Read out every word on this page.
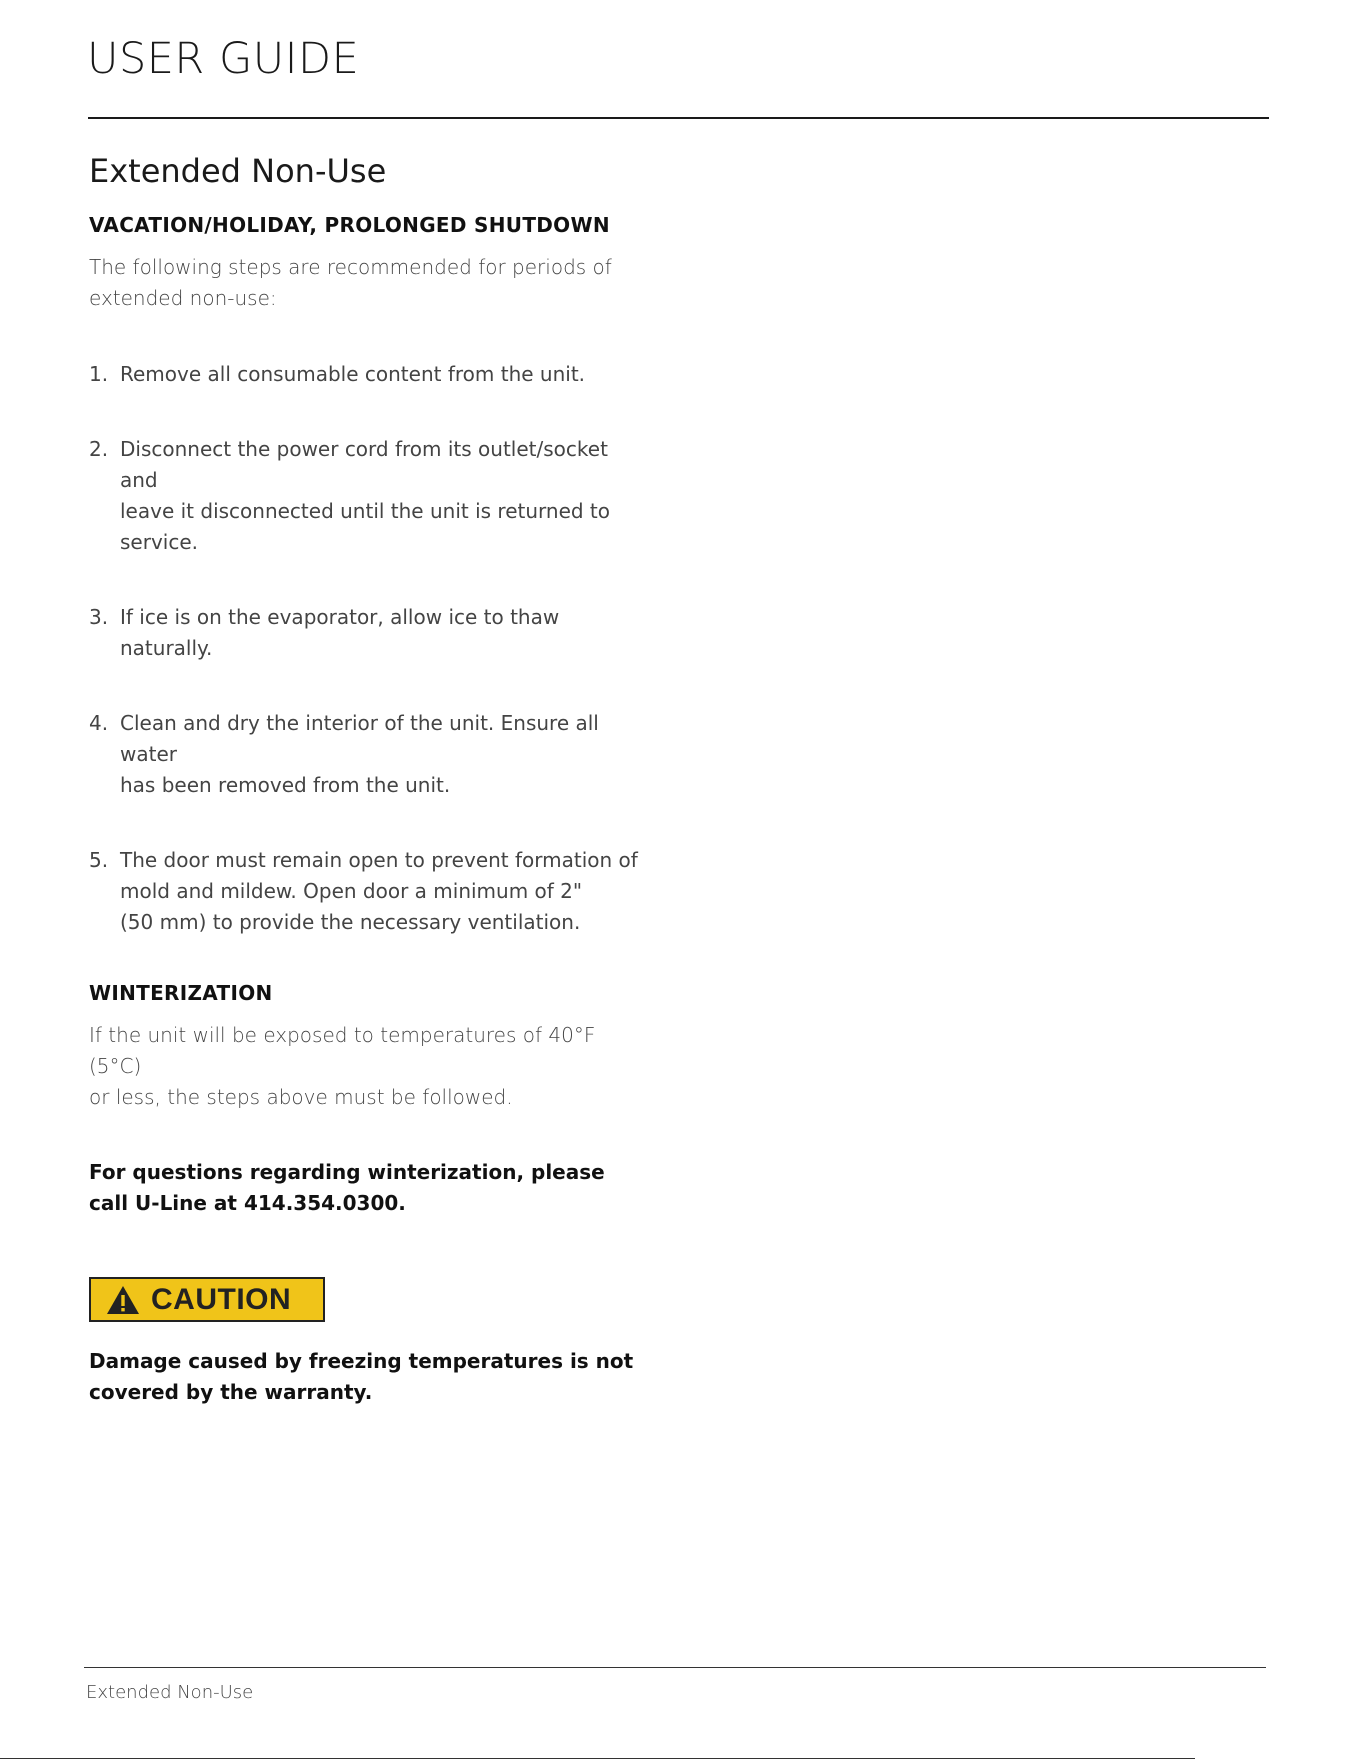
USER GUIDE
Extended Non-Use
VACATION/HOLIDAY, PROLONGED SHUTDOWN

The following steps are recommended for periods of
extended non-use:

1. Remove all consumable content from the unit.
2. Disconnect the power cord from its outlet/socket and
leave it disconnected until the unit is returned to
service.
3. If ice is on the evaporator, allow ice to thaw naturally.
4. Clean and dry the interior of the unit. Ensure all water
has been removed from the unit.
5. The door must remain open to prevent formation of
mold and mildew. Open door a minimum of 2"
(50 mm) to provide the necessary ventilation.
WINTERIZATION

If the unit will be exposed to temperatures of 40°F (5°C)
or less, the steps above must be followed.

For questions regarding winterization, please
call U-Line at 414.354.0300.

CAUTION

Damage caused by freezing temperatures is not
covered by the warranty.

Extended Non-Use
